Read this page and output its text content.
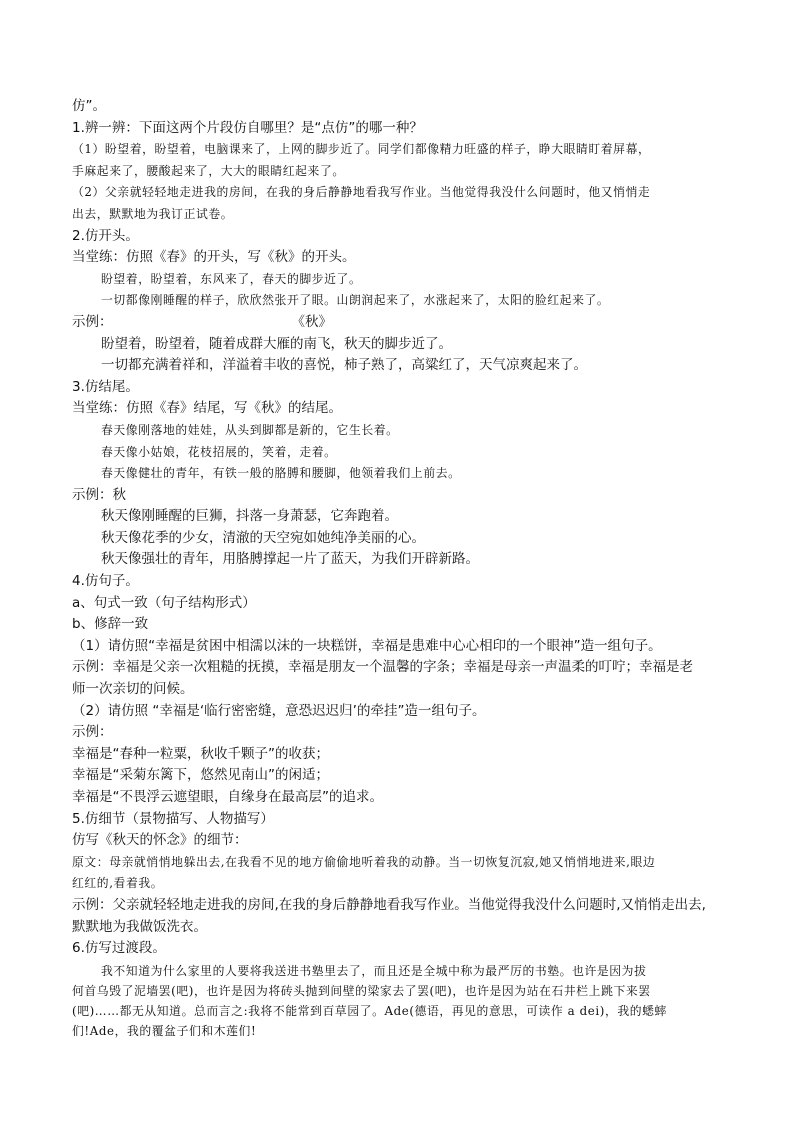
仿”。
1.辨一辨：下面这两个片段仿自哪里？是“点仿”的哪一种？
（1）盼望着，盼望着，电脑课来了，上网的脚步近了。同学们都像精力旺盛的样子，睁大眼睛盯着屏幕，
手麻起来了，腰酸起来了，大大的眼睛红起来了。
（2）父亲就轻轻地走进我的房间，在我的身后静静地看我写作业。当他觉得我没什么问题时，他又悄悄走
出去，默默地为我订正试卷。
2.仿开头。
当堂练：仿照《春》的开头，写《秋》的开头。
盼望着，盼望着，东风来了，春天的脚步近了。
一切都像刚睡醒的样子，欣欣然张开了眼。山朗润起来了，水涨起来了，太阳的脸红起来了。
示例：	《秋》
盼望着，盼望着，随着成群大雁的南飞，秋天的脚步近了。
一切都充满着祥和，洋溢着丰收的喜悦，柿子熟了，高粱红了，天气凉爽起来了。
3.仿结尾。
当堂练：仿照《春》结尾，写《秋》的结尾。
春天像刚落地的娃娃，从头到脚都是新的，它生长着。
春天像小姑娘，花枝招展的，笑着，走着。
春天像健壮的青年，有铁一般的胳膊和腰脚，他领着我们上前去。
示例：秋
秋天像刚睡醒的巨狮，抖落一身萧瑟，它奔跑着。
秋天像花季的少女，清澈的天空宛如她纯净美丽的心。
秋天像强壮的青年，用胳膊撑起一片了蓝天，为我们开辟新路。
4.仿句子。
a、句式一致（句子结构形式）
b、修辞一致
（1）请仿照“幸福是贫困中相濡以沫的一块糕饼，幸福是患难中心心相印的一个眼神”造一组句子。
示例：幸福是父亲一次粗糙的抚摸，幸福是朋友一个温馨的字条；幸福是母亲一声温柔的叮咛；幸福是老
师一次亲切的问候。
（2）请仿照 “幸福是‘临行密密缝，意恐迟迟归’的牵挂”造一组句子。
示例：
幸福是“春种一粒粟，秋收千颗子”的收获；
幸福是“采菊东篱下，悠然见南山”的闲适；
幸福是“不畏浮云遮望眼，自缘身在最高层”的追求。
5.仿细节（景物描写、人物描写）
仿写《秋天的怀念》的细节：
原文：母亲就悄悄地躲出去,在我看不见的地方偷偷地听着我的动静。当一切恢复沉寂,她又悄悄地进来,眼边
红红的,看着我。
示例：父亲就轻轻地走进我的房间,在我的身后静静地看我写作业。当他觉得我没什么问题时,又悄悄走出去,
默默地为我做饭洗衣。
6.仿写过渡段。
我不知道为什么家里的人要将我送进书塾里去了，而且还是全城中称为最严厉的书塾。也许是因为拔
何首乌毁了泥墙罢(吧)，也许是因为将砖头抛到间壁的梁家去了罢(吧)，也许是因为站在石井栏上跳下来罢
(吧)……都无从知道。总而言之:我将不能常到百草园了。Ade(德语，再见的意思，可读作 a dei)，我的蟋蟀
们!Ade，我的覆盆子们和木莲们!
